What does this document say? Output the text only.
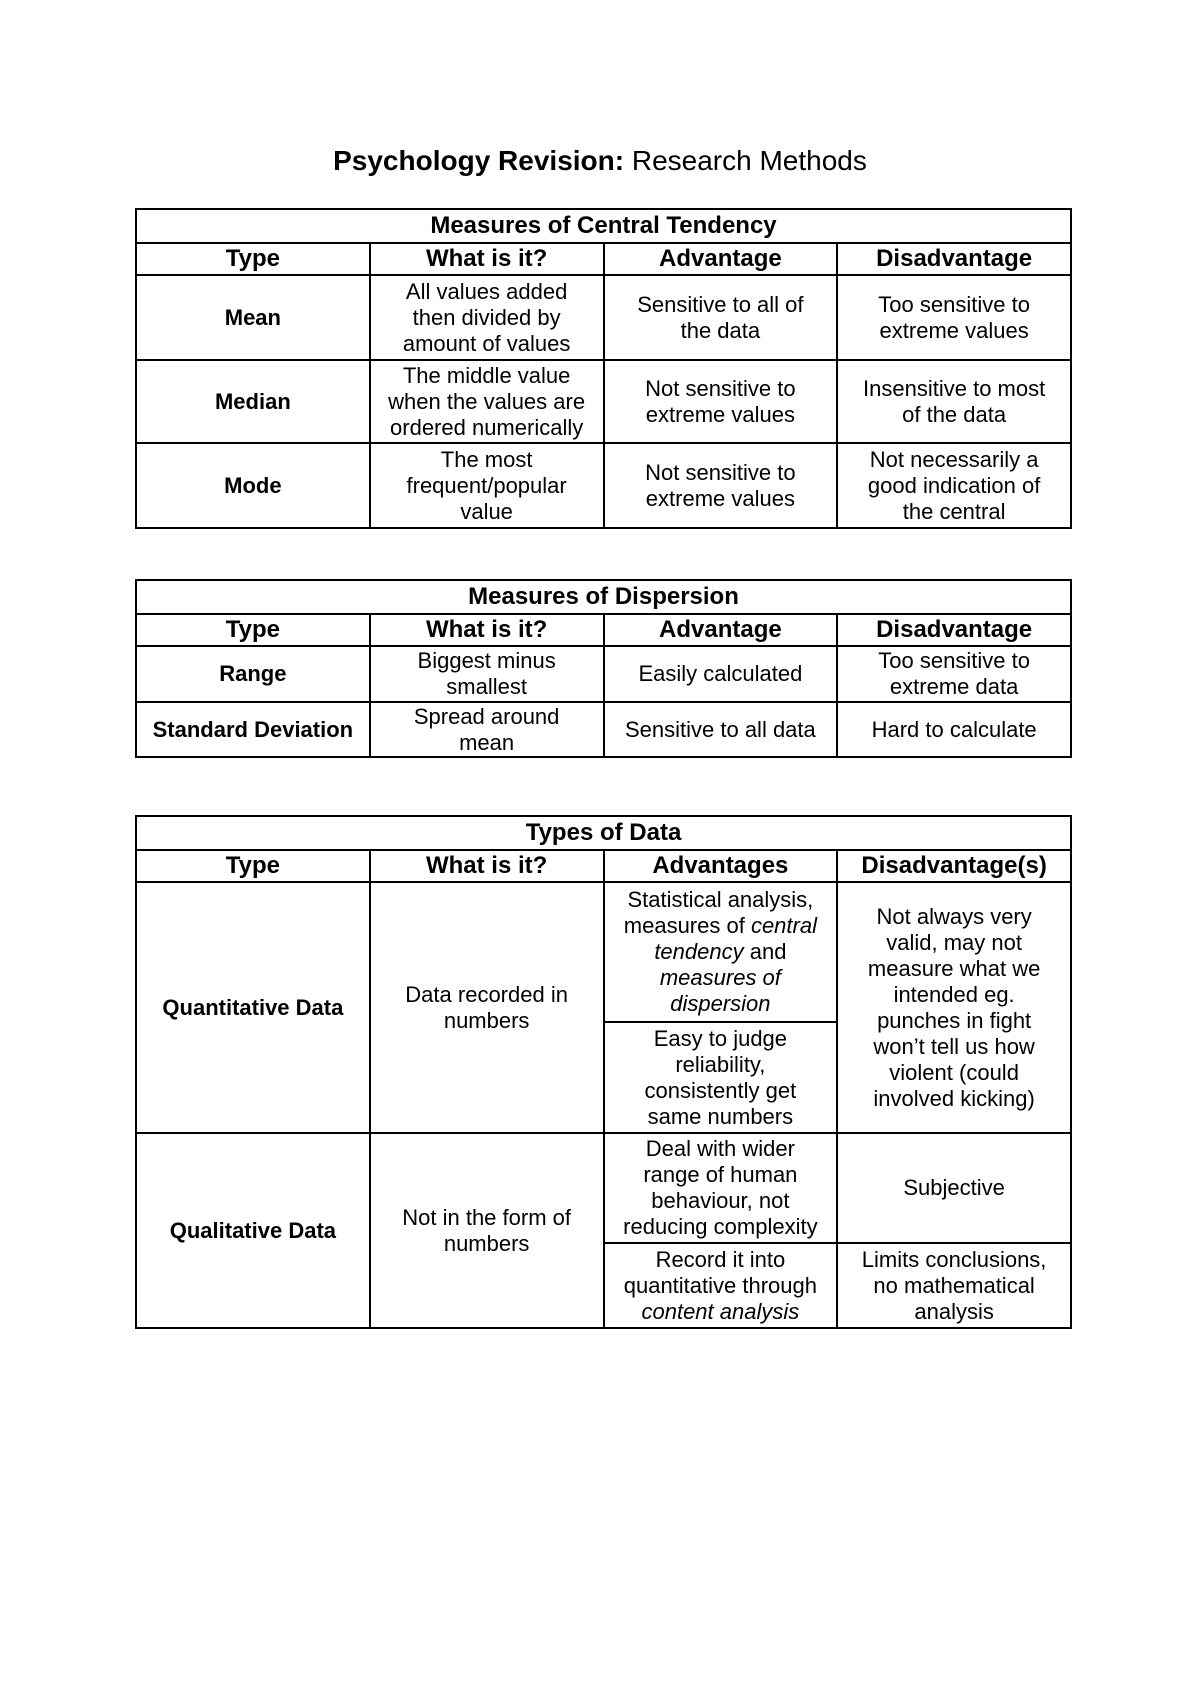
Psychology Revision: Research Methods
Measures of Central Tendency			
Type	What is it?	Advantage	Disadvantage
Mean	All values added then divided by amount of values	Sensitive to all of the data	Too sensitive to extreme values
Median	The middle value when the values are ordered numerically	Not sensitive to extreme values	Insensitive to most of the data
Mode	The most frequent/popular value	Not sensitive to extreme values	Not necessarily a good indication of the central
Measures of Dispersion			
Type	What is it?	Advantage	Disadvantage
Range	Biggest minus smallest	Easily calculated	Too sensitive to extreme data
Standard Deviation	Spread around mean	Sensitive to all data	Hard to calculate
Types of Data			
Type	What is it?	Advantages	Disadvantage(s)
Quantitative Data	Data recorded in numbers	Statistical analysis, measures of central tendency and measures of dispersion	Not always very valid, may not measure what we intended eg. punches in fight won’t tell us how violent (could involved kicking)
		Easy to judge reliability, consistently get same numbers	
Qualitative Data	Not in the form of numbers	Deal with wider range of human behaviour, not reducing complexity	Subjective
		Record it into quantitative through content analysis	Limits conclusions, no mathematical analysis
